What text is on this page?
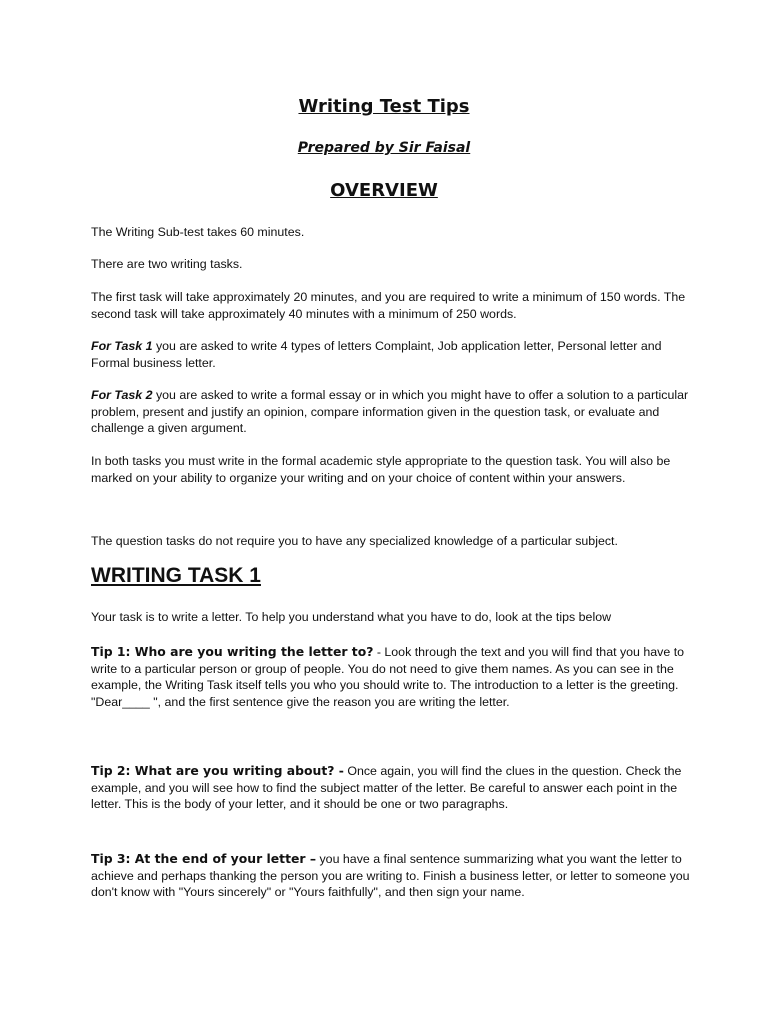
Writing Test Tips
Prepared by Sir Faisal
OVERVIEW

The Writing Sub-test takes 60 minutes.

There are two writing tasks.

The first task will take approximately 20 minutes, and you are required to write a minimum of 150 words. The second task will take approximately 40 minutes with a minimum of 250 words.

For Task 1 you are asked to write 4 types of letters Complaint, Job application letter, Personal letter and Formal business letter.

For Task 2 you are asked to write a formal essay or in which you might have to offer a solution to a particular problem, present and justify an opinion, compare information given in the question task, or evaluate and challenge a given argument.

In both tasks you must write in the formal academic style appropriate to the question task. You will also be marked on your ability to organize your writing and on your choice of content within your answers.

The question tasks do not require you to have any specialized knowledge of a particular subject.

WRITING TASK 1

Your task is to write a letter. To help you understand what you have to do, look at the tips below

Tip 1: Who are you writing the letter to? - Look through the text and you will find that you have to write to a particular person or group of people. You do not need to give them names. As you can see in the example, the Writing Task itself tells you who you should write to. The introduction to a letter is the greeting. "Dear____ ", and the first sentence give the reason you are writing the letter.

Tip 2: What are you writing about? - Once again, you will find the clues in the question. Check the example, and you will see how to find the subject matter of the letter. Be careful to answer each point in the letter. This is the body of your letter, and it should be one or two paragraphs.

Tip 3: At the end of your letter – you have a final sentence summarizing what you want the letter to achieve and perhaps thanking the person you are writing to. Finish a business letter, or letter to someone you don't know with "Yours sincerely" or "Yours faithfully", and then sign your name.
